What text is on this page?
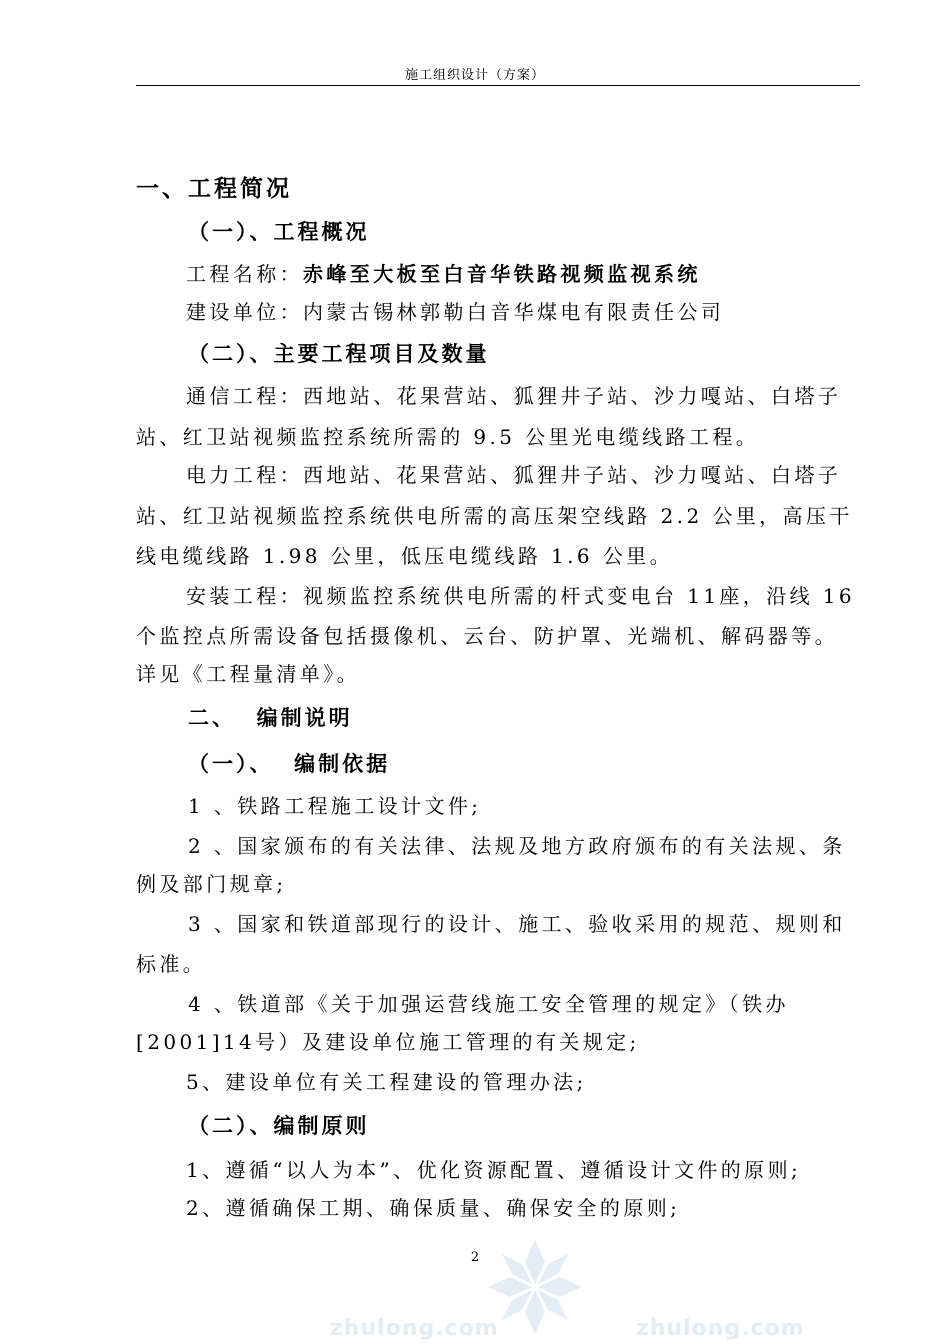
施工组织设计（方案）
一、工程简况
（一）、工程概况
工程名称：赤峰至大板至白音华铁路视频监视系统
建设单位：内蒙古锡林郭勒白音华煤电有限责任公司
（二）、主要工程项目及数量
通信工程：西地站、花果营站、狐狸井子站、沙力嘎站、白塔子
站、红卫站视频监控系统所需的 9.5 公里光电缆线路工程。
电力工程：西地站、花果营站、狐狸井子站、沙力嘎站、白塔子
站、红卫站视频监控系统供电所需的高压架空线路 2.2 公里，高压干
线电缆线路 1.98 公里，低压电缆线路 1.6 公里。
安装工程：视频监控系统供电所需的杆式变电台 11座，沿线 16
个监控点所需设备包括摄像机、云台、防护罩、光端机、解码器等。
详见《工程量清单》。
二、  编制说明
（一）、  编制依据
1 、铁路工程施工设计文件;
2 、国家颁布的有关法律、法规及地方政府颁布的有关法规、条
例及部门规章;
3 、国家和铁道部现行的设计、施工、验收采用的规范、规则和
标准。
4 、铁道部《关于加强运营线施工安全管理的规定》（铁办
[2001]14号）及建设单位施工管理的有关规定;
5、建设单位有关工程建设的管理办法;
（二）、编制原则
1、遵循“以人为本”、优化资源配置、遵循设计文件的原则;
2、遵循确保工期、确保质量、确保安全的原则;
2
zhulong.com	zhulong.com
